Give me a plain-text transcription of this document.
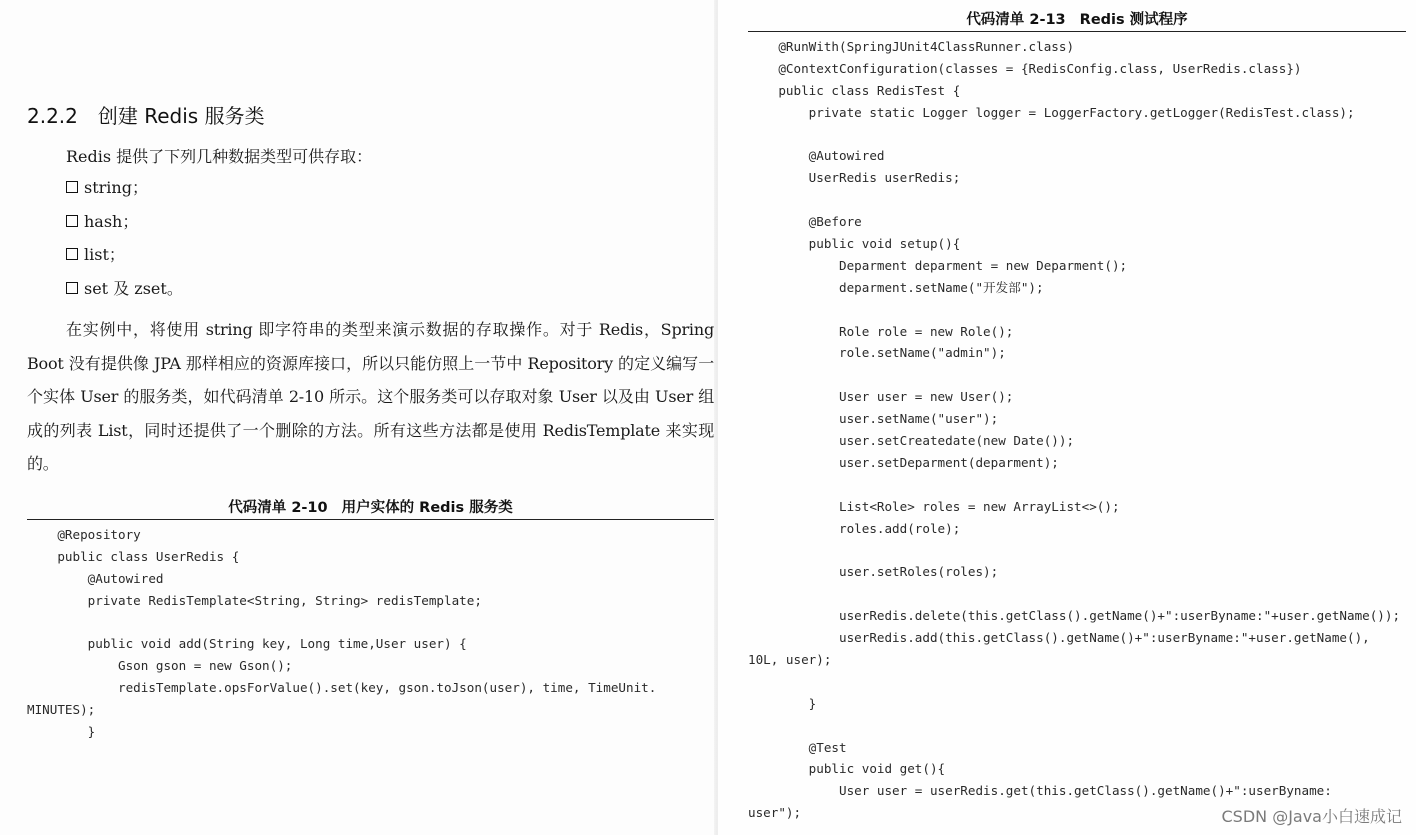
2.2.2 创建 Redis 服务类

Redis 提供了下列几种数据类型可供存取：

string；
hash；
list；
set 及 zset。

在实例中，将使用 string 即字符串的类型来演示数据的存取操作。对于 Redis，Spring Boot 没有提供像 JPA 那样相应的资源库接口，所以只能仿照上一节中 Repository 的定义编写一个实体 User 的服务类，如代码清单 2-10 所示。这个服务类可以存取对象 User 以及由 User 组成的列表 List，同时还提供了一个删除的方法。所有这些方法都是使用 RedisTemplate 来实现的。

代码清单 2-10 用户实体的 Redis 服务类
@Repository
public class UserRedis {
@Autowired
private RedisTemplate<String, String> redisTemplate;
public void add(String key, Long time,User user) {
Gson gson = new Gson();
redisTemplate.opsForValue().set(key, gson.toJson(user), time, TimeUnit.
MINUTES);
}
代码清单 2-13 Redis 测试程序
@RunWith(SpringJUnit4ClassRunner.class)
@ContextConfiguration(classes = {RedisConfig.class, UserRedis.class})
public class RedisTest {
private static Logger logger = LoggerFactory.getLogger(RedisTest.class);
@Autowired
UserRedis userRedis;
@Before
public void setup(){
Deparment deparment = new Deparment();
deparment.setName("开发部");
Role role = new Role();
role.setName("admin");
User user = new User();
user.setName("user");
user.setCreatedate(new Date());
user.setDeparment(deparment);
List<Role> roles = new ArrayList<>();
roles.add(role);
user.setRoles(roles);
userRedis.delete(this.getClass().getName()+":userByname:"+user.getName());
userRedis.add(this.getClass().getName()+":userByname:"+user.getName(),
10L, user);
}
@Test
public void get(){
User user = userRedis.get(this.getClass().getName()+":userByname:
user");	CSDN @Java小白速成记
